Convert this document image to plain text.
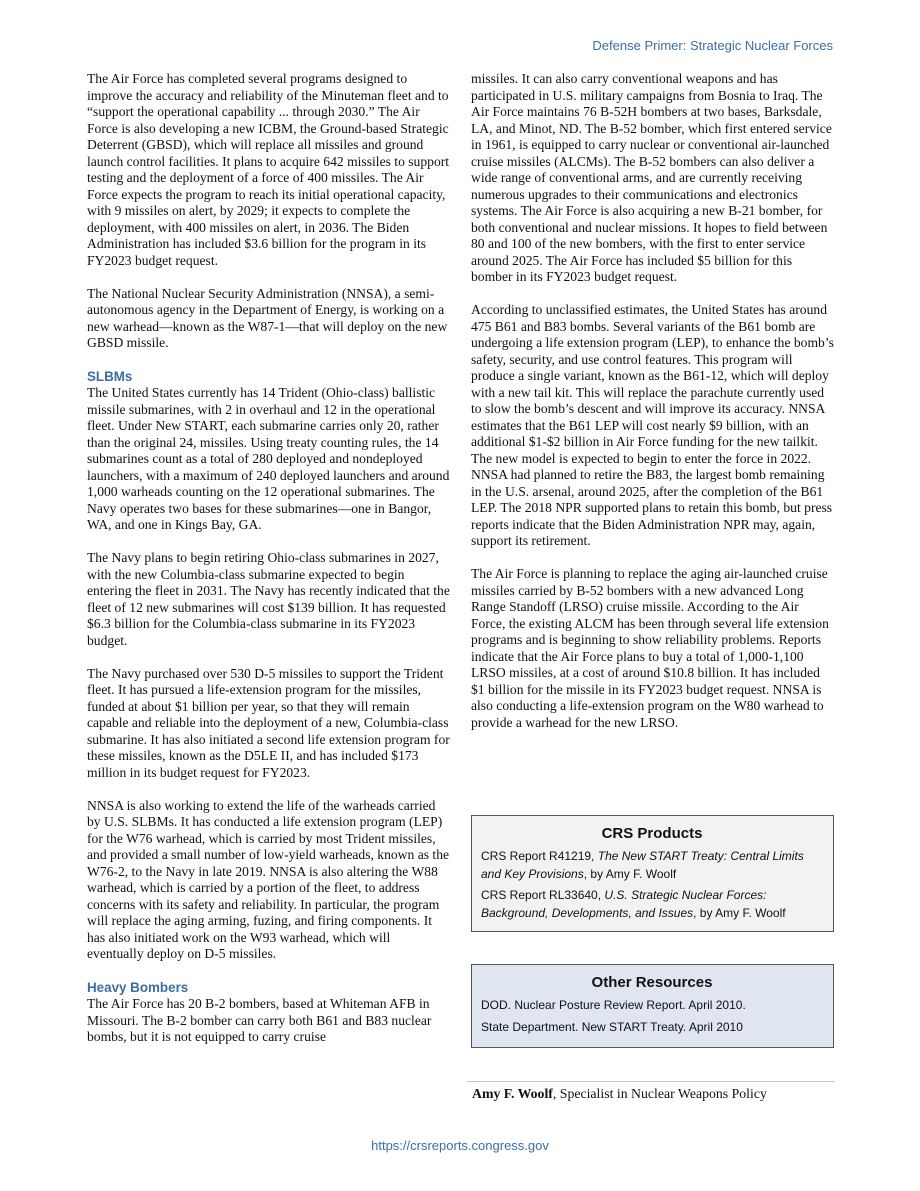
Defense Primer: Strategic Nuclear Forces

The Air Force has completed several programs designed to improve the accuracy and reliability of the Minuteman fleet and to “support the operational capability ... through 2030.” The Air Force is also developing a new ICBM, the Ground-based Strategic Deterrent (GBSD), which will replace all missiles and ground launch control facilities. It plans to acquire 642 missiles to support testing and the deployment of a force of 400 missiles. The Air Force expects the program to reach its initial operational capacity, with 9 missiles on alert, by 2029; it expects to complete the deployment, with 400 missiles on alert, in 2036. The Biden Administration has included $3.6 billion for the program in its FY2023 budget request.

The National Nuclear Security Administration (NNSA), a semi-autonomous agency in the Department of Energy, is working on a new warhead—known as the W87-1—that will deploy on the new GBSD missile.

SLBMs

The United States currently has 14 Trident (Ohio-class) ballistic missile submarines, with 2 in overhaul and 12 in the operational fleet. Under New START, each submarine carries only 20, rather than the original 24, missiles. Using treaty counting rules, the 14 submarines count as a total of 280 deployed and nondeployed launchers, with a maximum of 240 deployed launchers and around 1,000 warheads counting on the 12 operational submarines. The Navy operates two bases for these submarines—one in Bangor, WA, and one in Kings Bay, GA.

The Navy plans to begin retiring Ohio-class submarines in 2027, with the new Columbia-class submarine expected to begin entering the fleet in 2031. The Navy has recently indicated that the fleet of 12 new submarines will cost $139 billion. It has requested $6.3 billion for the Columbia-class submarine in its FY2023 budget.

The Navy purchased over 530 D-5 missiles to support the Trident fleet. It has pursued a life-extension program for the missiles, funded at about $1 billion per year, so that they will remain capable and reliable into the deployment of a new, Columbia-class submarine. It has also initiated a second life extension program for these missiles, known as the D5LE II, and has included $173 million in its budget request for FY2023.

NNSA is also working to extend the life of the warheads carried by U.S. SLBMs. It has conducted a life extension program (LEP) for the W76 warhead, which is carried by most Trident missiles, and provided a small number of low-yield warheads, known as the W76-2, to the Navy in late 2019. NNSA is also altering the W88 warhead, which is carried by a portion of the fleet, to address concerns with its safety and reliability. In particular, the program will replace the aging arming, fuzing, and firing components. It has also initiated work on the W93 warhead, which will eventually deploy on D-5 missiles.

Heavy Bombers

The Air Force has 20 B-2 bombers, based at Whiteman AFB in Missouri. The B-2 bomber can carry both B61 and B83 nuclear bombs, but it is not equipped to carry cruise

missiles. It can also carry conventional weapons and has participated in U.S. military campaigns from Bosnia to Iraq. The Air Force maintains 76 B-52H bombers at two bases, Barksdale, LA, and Minot, ND. The B-52 bomber, which first entered service in 1961, is equipped to carry nuclear or conventional air-launched cruise missiles (ALCMs). The B-52 bombers can also deliver a wide range of conventional arms, and are currently receiving numerous upgrades to their communications and electronics systems. The Air Force is also acquiring a new B-21 bomber, for both conventional and nuclear missions. It hopes to field between 80 and 100 of the new bombers, with the first to enter service around 2025. The Air Force has included $5 billion for this bomber in its FY2023 budget request.

According to unclassified estimates, the United States has around 475 B61 and B83 bombs. Several variants of the B61 bomb are undergoing a life extension program (LEP), to enhance the bomb’s safety, security, and use control features. This program will produce a single variant, known as the B61-12, which will deploy with a new tail kit. This will replace the parachute currently used to slow the bomb’s descent and will improve its accuracy. NNSA estimates that the B61 LEP will cost nearly $9 billion, with an additional $1-$2 billion in Air Force funding for the new tailkit. The new model is expected to begin to enter the force in 2022. NNSA had planned to retire the B83, the largest bomb remaining in the U.S. arsenal, around 2025, after the completion of the B61 LEP. The 2018 NPR supported plans to retain this bomb, but press reports indicate that the Biden Administration NPR may, again, support its retirement.

The Air Force is planning to replace the aging air-launched cruise missiles carried by B-52 bombers with a new advanced Long Range Standoff (LRSO) cruise missile. According to the Air Force, the existing ALCM has been through several life extension programs and is beginning to show reliability problems. Reports indicate that the Air Force plans to buy a total of 1,000-1,100 LRSO missiles, at a cost of around $10.8 billion. It has included $1 billion for the missile in its FY2023 budget request. NNSA is also conducting a life-extension program on the W80 warhead to provide a warhead for the new LRSO.

CRS Products
CRS Report R41219, The New START Treaty: Central Limits and Key Provisions, by Amy F. Woolf
CRS Report RL33640, U.S. Strategic Nuclear Forces: Background, Developments, and Issues, by Amy F. Woolf
Other Resources
DOD. Nuclear Posture Review Report. April 2010.
State Department. New START Treaty. April 2010
Amy F. Woolf, Specialist in Nuclear Weapons Policy
https://crsreports.congress.gov
